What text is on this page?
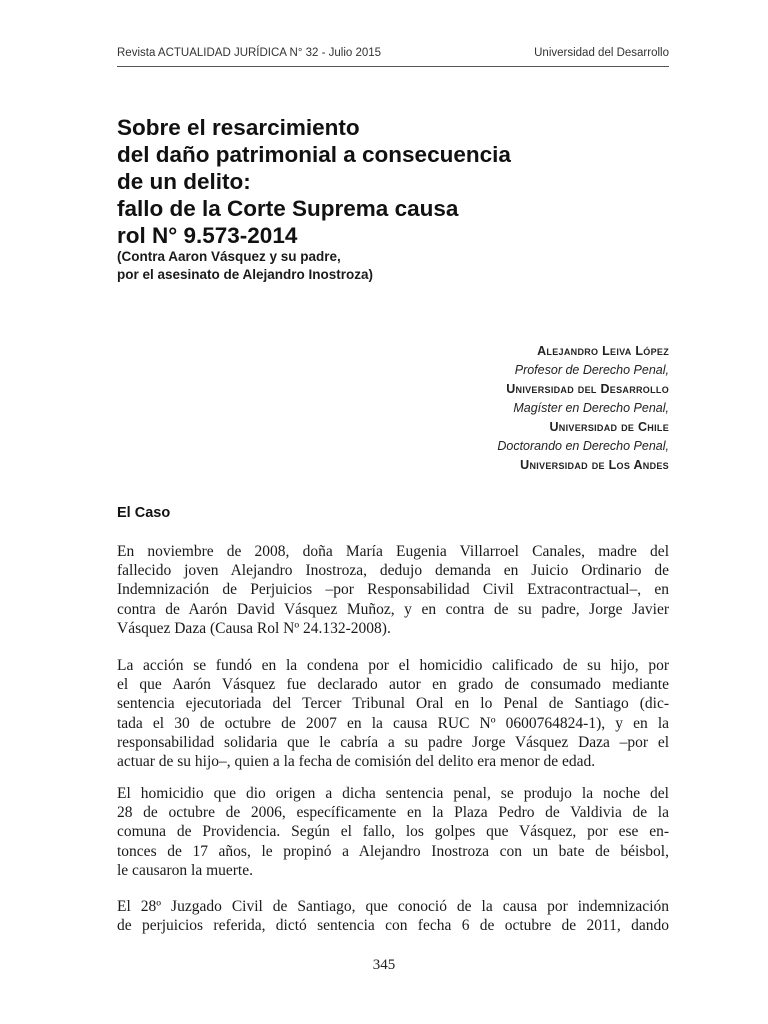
Revista ACTUALIDAD JURÍDICA N° 32 - Julio 2015	Universidad del Desarrollo
Sobre el resarcimiento
del daño patrimonial a consecuencia
de un delito:
fallo de la Corte Suprema causa
rol N° 9.573-2014
(Contra Aaron Vásquez y su padre,
por el asesinato de Alejandro Inostroza)
Alejandro Leiva López
Profesor de Derecho Penal,
Universidad del Desarrollo
Magíster en Derecho Penal,
Universidad de Chile
Doctorando en Derecho Penal,
Universidad de Los Andes
El Caso
En noviembre de 2008, doña María Eugenia Villarroel Canales, madre del
fallecido joven Alejandro Inostroza, dedujo demanda en Juicio Ordinario de
Indemnización de Perjuicios –por Responsabilidad Civil Extracontractual–, en
contra de Aarón David Vásquez Muñoz, y en contra de su padre, Jorge Javier
Vásquez Daza (Causa Rol Nº 24.132-2008).
La acción se fundó en la condena por el homicidio calificado de su hijo, por
el que Aarón Vásquez fue declarado autor en grado de consumado mediante
sentencia ejecutoriada del Tercer Tribunal Oral en lo Penal de Santiago (dic-
tada el 30 de octubre de 2007 en la causa RUC Nº 0600764824-1), y en la
responsabilidad solidaria que le cabría a su padre Jorge Vásquez Daza –por el
actuar de su hijo–, quien a la fecha de comisión del delito era menor de edad.
El homicidio que dio origen a dicha sentencia penal, se produjo la noche del
28 de octubre de 2006, específicamente en la Plaza Pedro de Valdivia de la
comuna de Providencia. Según el fallo, los golpes que Vásquez, por ese en-
tonces de 17 años, le propinó a Alejandro Inostroza con un bate de béisbol,
le causaron la muerte.
El 28º Juzgado Civil de Santiago, que conoció de la causa por indemnización
de perjuicios referida, dictó sentencia con fecha 6 de octubre de 2011, dando
345
